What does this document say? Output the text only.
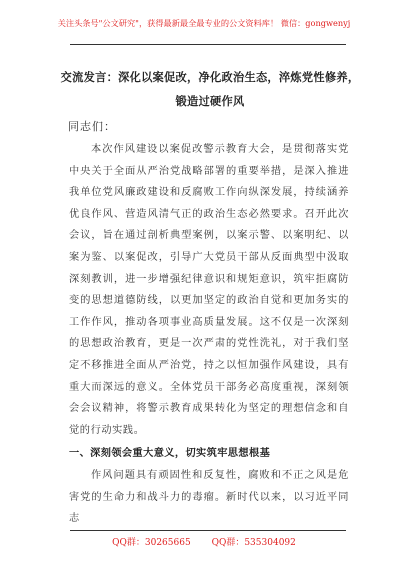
关注头条号"公文研究"，获得最新最全最专业的公文资料库！ 微信：gongwenyj
交流发言：深化以案促改，净化政治生态，淬炼党性修养，
锻造过硬作风
同志们：

本次作风建设以案促改警示教育大会，是贯彻落实党中央关于全面从严治党战略部署的重要举措，是深入推进我单位党风廉政建设和反腐败工作向纵深发展，持续涵养优良作风、营造风清气正的政治生态必然要求。召开此次会议，旨在通过剖析典型案例，以案示警、以案明纪、以案为鉴、以案促改，引导广大党员干部从反面典型中汲取深刻教训，进一步增强纪律意识和规矩意识，筑牢拒腐防变的思想道德防线，以更加坚定的政治自觉和更加务实的工作作风，推动各项事业高质量发展。这不仅是一次深刻的思想政治教育，更是一次严肃的党性洗礼，对于我们坚定不移推进全面从严治党，持之以恒加强作风建设，具有重大而深远的意义。全体党员干部务必高度重视，深刻领会会议精神，将警示教育成果转化为坚定的理想信念和自觉的行动实践。

一、深刻领会重大意义，切实筑牢思想根基

作风问题具有顽固性和反复性，腐败和不正之风是危害党的生命力和战斗力的毒瘤。新时代以来，以习近平同志

QQ群：30265665 QQ群：535304092
